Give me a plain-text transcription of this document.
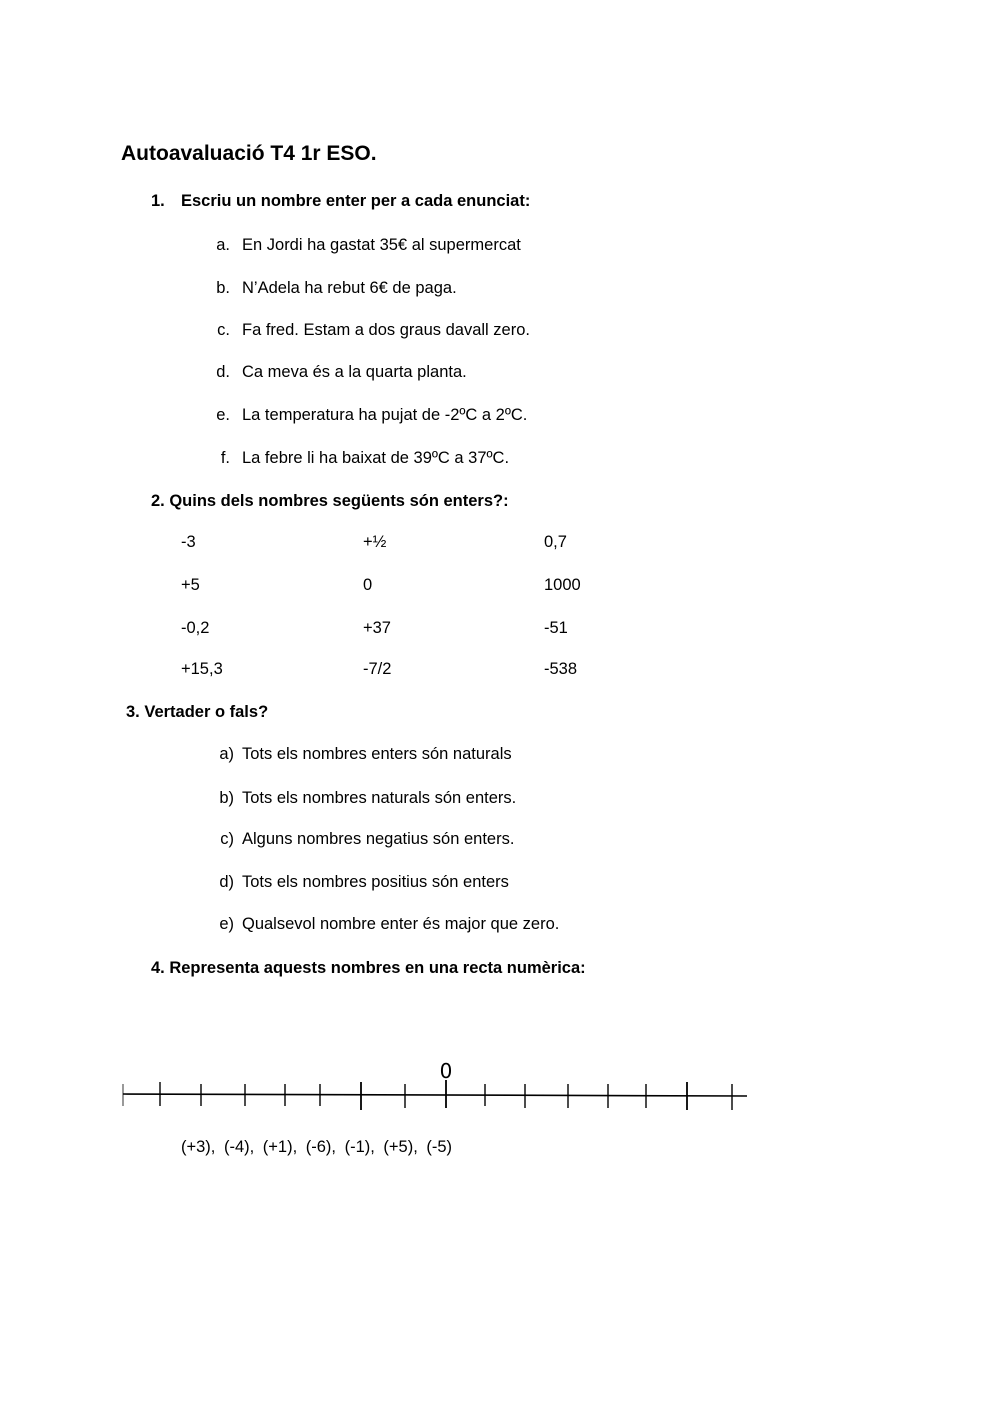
Autoavaluació T4 1r ESO.
1. Escriu un nombre enter per a cada enunciat:
a. En Jordi ha gastat 35€ al supermercat
b. N’Adela ha rebut 6€ de paga.
c. Fa fred. Estam a dos graus davall zero.
d. Ca meva és a la quarta planta.
e. La temperatura ha pujat de -2ºC a 2ºC.
f. La febre li ha baixat de 39ºC a 37ºC.
2. Quins dels nombres següents són enters?:
-3	+½	0,7
+5	0	1000
-0,2	+37	-51
+15,3	-7/2	-538
3. Vertader o fals?
a) Tots els nombres enters són naturals
b) Tots els nombres naturals són enters.
c) Alguns nombres negatius són enters.
d) Tots els nombres positius són enters
e) Qualsevol nombre enter és major que zero.
4. Representa aquests nombres en una recta numèrica:
0
(+3), (-4), (+1), (-6), (-1), (+5), (-5)
